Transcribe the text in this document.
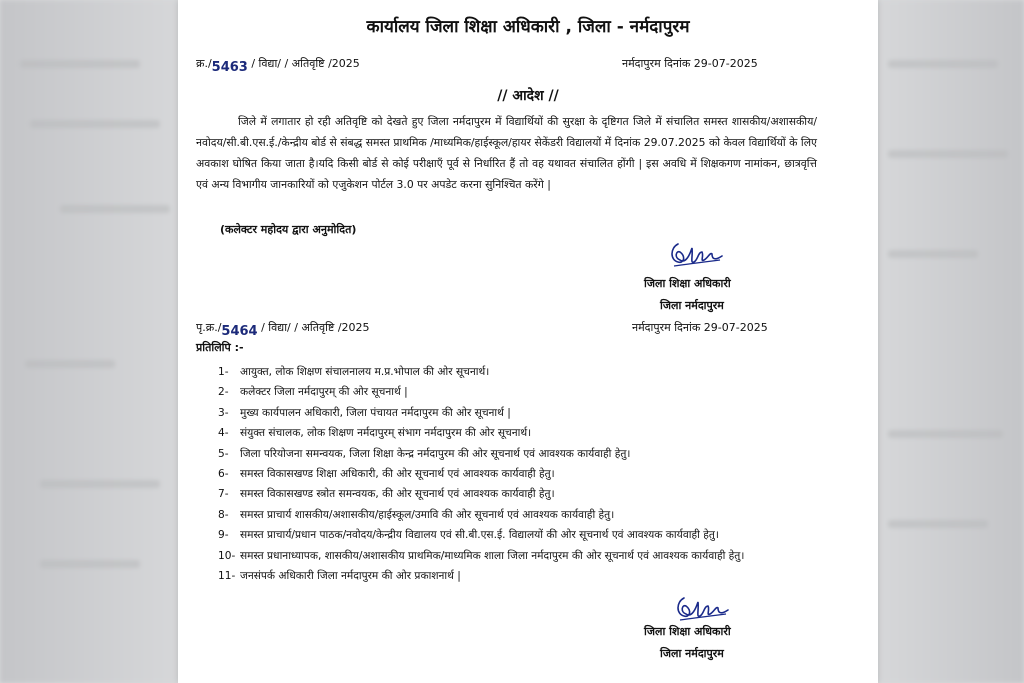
कार्यालय जिला शिक्षा अधिकारी , जिला - नर्मदापुरम
क्र./5463 / विद्या/ / अतिवृष्टि /2025	नर्मदापुरम दिनांक 29-07-2025
// आदेश //
जिले में लगातार हो रही अतिवृष्टि को देखते हुए जिला नर्मदापुरम में विद्यार्थियों की सुरक्षा के दृष्टिगत जिले में संचालित समस्त शासकीय/अशासकीय/नवोदय/सी.बी.एस.ई./केन्द्रीय बोर्ड से संबद्ध समस्त प्राथमिक /माध्यमिक/हाईस्कूल/हायर सेकेंडरी विद्यालयों में दिनांक 29.07.2025 को केवल विद्यार्थियों के लिए अवकाश घोषित किया जाता है।यदि किसी बोर्ड से कोई परीक्षाएँ पूर्व से निर्धारित हैं तो वह यथावत संचालित होंगी | इस अवधि में शिक्षकगण नामांकन, छात्रवृत्ति एवं अन्य विभागीय जानकारियों को एजुकेशन पोर्टल 3.0 पर अपडेट करना सुनिश्चित करेंगे |
(कलेक्टर महोदय द्वारा अनुमोदित)
जिला शिक्षा अधिकारी
जिला नर्मदापुरम
पृ.क्र./5464 / विद्या/ / अतिवृष्टि /2025	नर्मदापुरम दिनांक 29-07-2025
प्रतिलिपि :-
1-	आयुक्त, लोक शिक्षण संचालनालय म.प्र.भोपाल की ओर सूचनार्थ।
2-	कलेक्टर जिला नर्मदापुरम् की ओर सूचनार्थ |
3-	मुख्य कार्यपालन अधिकारी, जिला पंचायत नर्मदापुरम की ओर सूचनार्थ |
4-	संयुक्त संचालक, लोक शिक्षण नर्मदापुरम् संभाग नर्मदापुरम की ओर सूचनार्थ।
5-	जिला परियोजना समन्वयक, जिला शिक्षा केन्द्र नर्मदापुरम की ओर सूचनार्थ एवं आवश्यक कार्यवाही हेतु।
6-	समस्त विकासखण्ड शिक्षा अधिकारी, की ओर सूचनार्थ एवं आवश्यक कार्यवाही हेतु।
7-	समस्त विकासखण्ड स्त्रोत समन्वयक, की ओर सूचनार्थ एवं आवश्यक कार्यवाही हेतु।
8-	समस्त प्राचार्य शासकीय/अशासकीय/हाईस्कूल/उमावि की ओर सूचनार्थ एवं आवश्यक कार्यवाही हेतु।
9-	समस्त प्राचार्य/प्रधान पाठक/नवोदय/केन्द्रीय विद्यालय एवं सी.बी.एस.ई. विद्यालयों की ओर सूचनार्थ एवं आवश्यक कार्यवाही हेतु।
10- समस्त प्रधानाध्यापक, शासकीय/अशासकीय प्राथमिक/माध्यमिक शाला जिला नर्मदापुरम की ओर सूचनार्थ एवं आवश्यक कार्यवाही हेतु।
11- जनसंपर्क अधिकारी जिला नर्मदापुरम की ओर प्रकाशनार्थ |
जिला शिक्षा अधिकारी
जिला नर्मदापुरम
